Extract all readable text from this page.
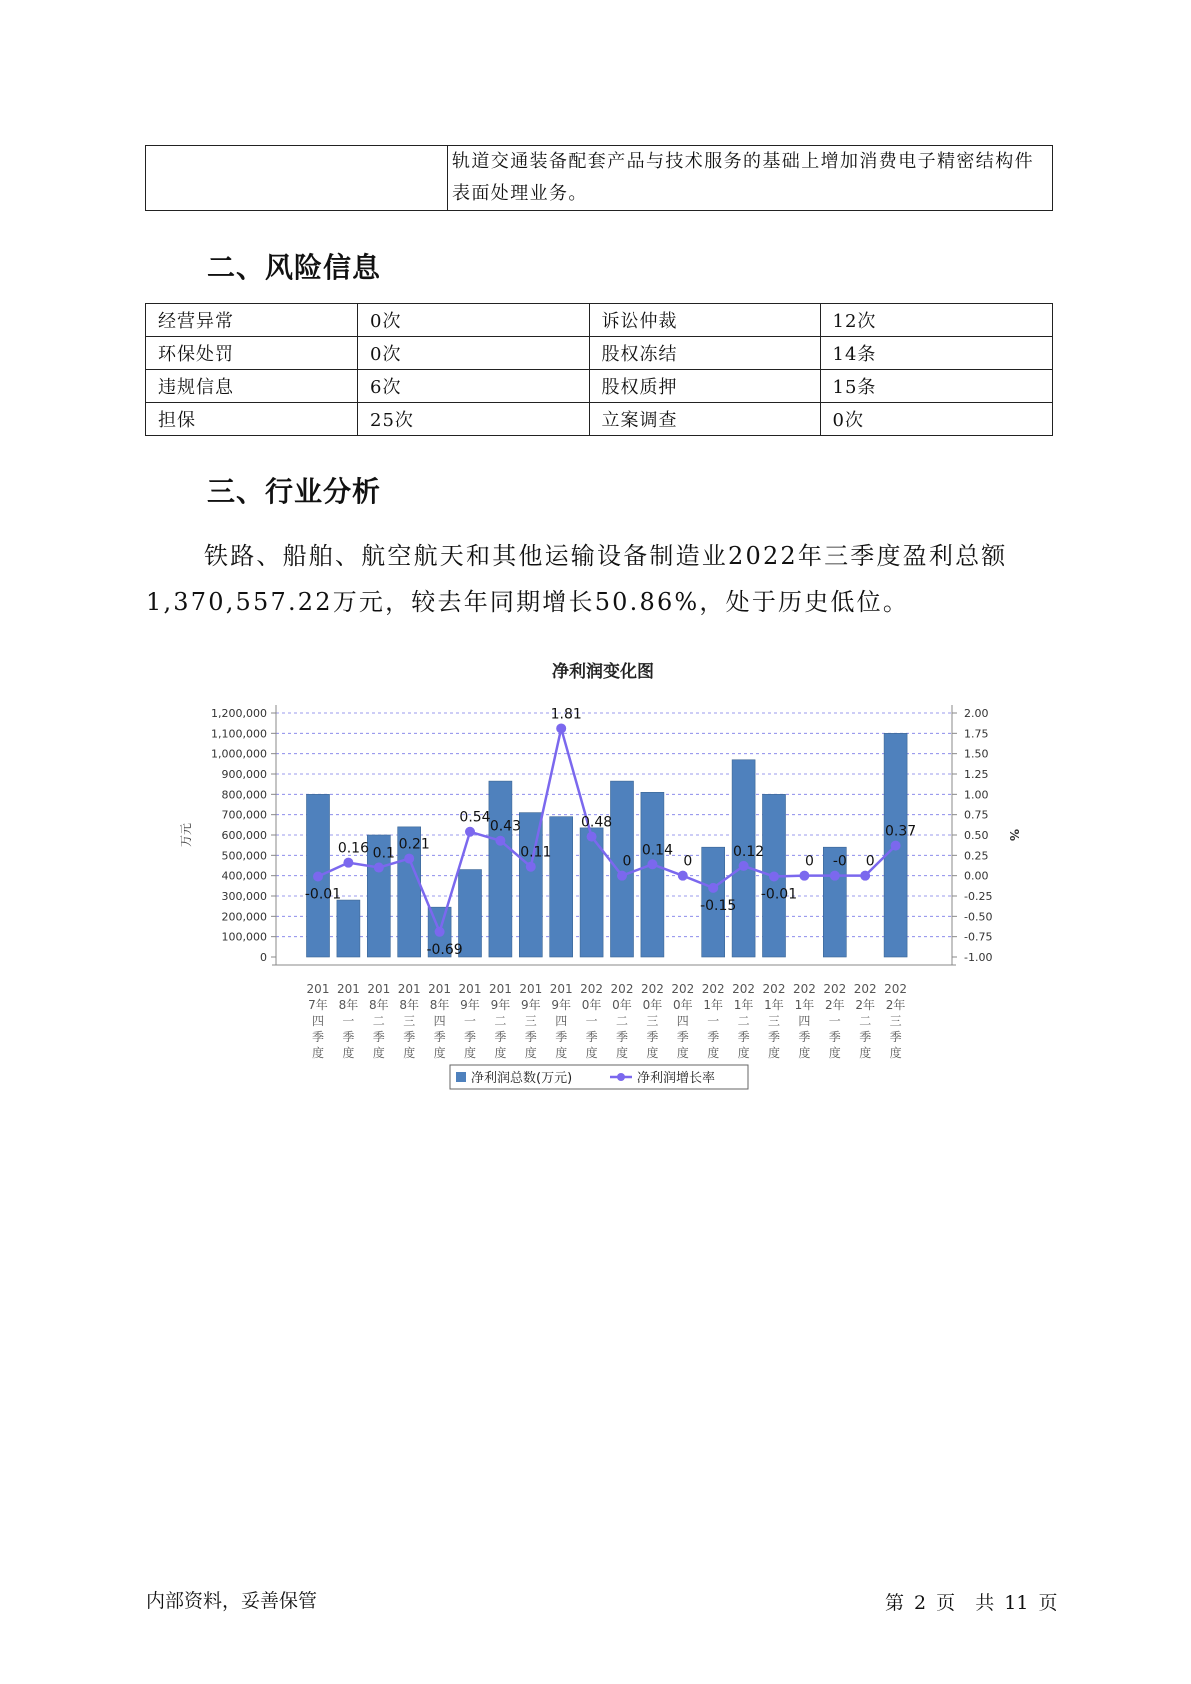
轨道交通装备配套产品与技术服务的基础上增加消费电子精密结构件
表面处理业务。
二、风险信息
经营异常	0次	诉讼仲裁	12次
环保处罚	0次	股权冻结	14条
违规信息	6次	股权质押	15条
担保	25次	立案调查	0次
三、行业分析
铁路、船舶、航空航天和其他运输设备制造业2022年三季度盈利总额
1,370,557.22万元，较去年同期增长50.86%，处于历史低位。
净利润变化图
1,200,000
1,100,000
1,000,000
900,000
800,000
700,000
600,000
500,000
400,000
300,000
200,000
100,000
0
2.00
1.75
1.50
1.25
1.00
0.75
0.50
0.25
0.00
-0.25
-0.50
-0.75
-1.00
万元	%
-0.01
0.16 0.1
0.21
-0.69
0.54
0.43
0.11
1.81
0.48
0
0.14
0
-0.15
0.12
-0.01
0 -0 0
0.37
201
7年
四
季
度
201
8年
一
季
度
201
8年
二
季
度
201
8年
三
季
度
201
8年
四
季
度
201
9年
一
季
度
201
9年
二
季
度
201
9年
三
季
度
201
9年
四
季
度
202
0年
一
季
度
202
0年
二
季
度
202
0年
三
季
度
202
0年
四
季
度
202
1年
一
季
度
202
1年
二
季
度
202
1年
三
季
度
202
1年
四
季
度
202
2年
一
季
度
202
2年
二
季
度
202
2年
三
季
度
净利润总数(万元)	净利润增长率
内部资料，妥善保管	第 2 页  共 11 页
